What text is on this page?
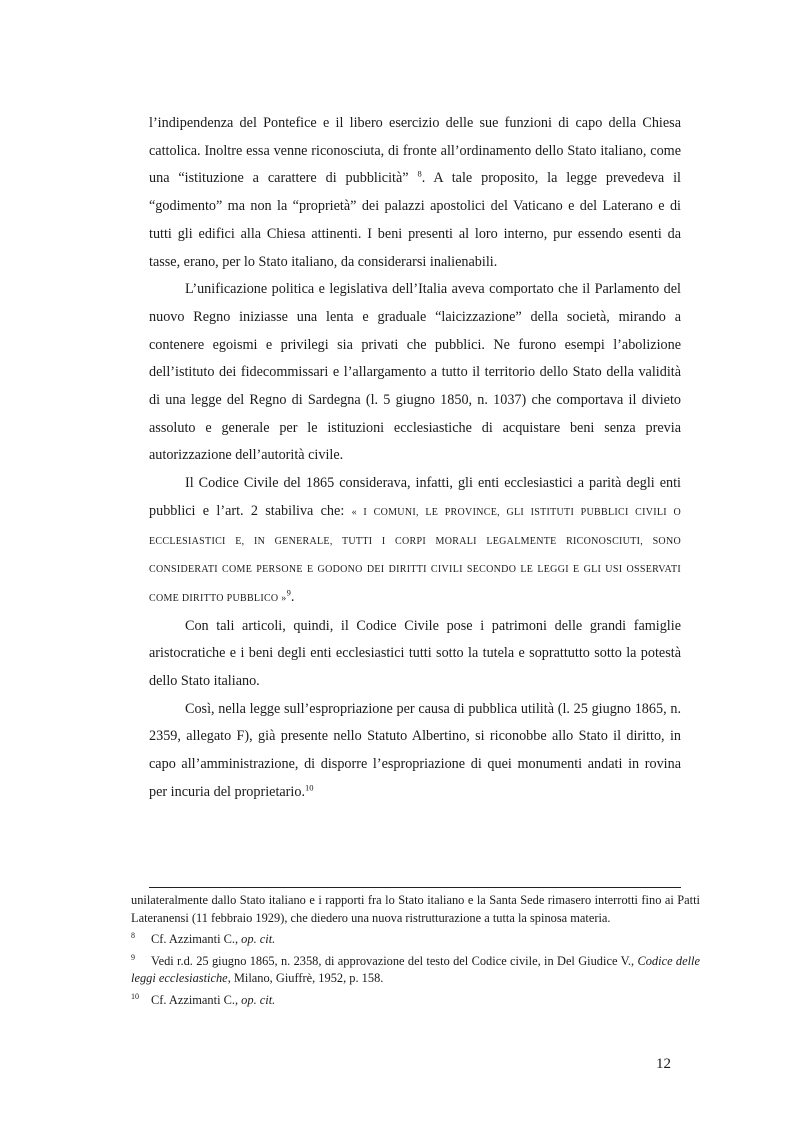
l’indipendenza del Pontefice e il libero esercizio delle sue funzioni di capo della Chiesa cattolica. Inoltre essa venne riconosciuta, di fronte all’ordinamento dello Stato italiano, come una “istituzione a carattere di pubblicità” $^8$. A tale proposito, la legge prevedeva il “godimento” ma non la “proprietà” dei palazzi apostolici del Vaticano e del Laterano e di tutti gli edifici alla Chiesa attinenti. I beni presenti al loro interno, pur essendo esenti da tasse, erano, per lo Stato italiano, da considerarsi inalienabili.

L’unificazione politica e legislativa dell’Italia aveva comportato che il Parlamento del nuovo Regno iniziasse una lenta e graduale “laicizzazione” della società, mirando a contenere egoismi e privilegi sia privati che pubblici. Ne furono esempi l’abolizione dell’istituto dei fidecommissari e l’allargamento a tutto il territorio dello Stato della validità di una legge del Regno di Sardegna (l. 5 giugno 1850, n. 1037) che comportava il divieto assoluto e generale per le istituzioni ecclesiastiche di acquistare beni senza previa autorizzazione dell’autorità civile.

Il Codice Civile del 1865 considerava, infatti, gli enti ecclesiastici a parità degli enti pubblici e l’art. 2 stabiliva che: « I COMUNI, LE PROVINCE, GLI ISTITUTI PUBBLICI CIVILI O ECCLESIASTICI E, IN GENERALE, TUTTI I CORPI MORALI LEGALMENTE RICONOSCIUTI, SONO CONSIDERATI COME PERSONE E GODONO DEI DIRITTI CIVILI SECONDO LE LEGGI E GLI USI OSSERVATI COME DIRITTO PUBBLICO »$^9$.

Con tali articoli, quindi, il Codice Civile pose i patrimoni delle grandi famiglie aristocratiche e i beni degli enti ecclesiastici tutti sotto la tutela e soprattutto sotto la potestà dello Stato italiano.

Così, nella legge sull’espropriazione per causa di pubblica utilità (l. 25 giugno 1865, n. 2359, allegato F), già presente nello Statuto Albertino, si riconobbe allo Stato il diritto, in capo all’amministrazione, di disporre l’espropriazione di quei monumenti andati in rovina per incuria del proprietario.$^{10}$

unilateralmente dallo Stato italiano e i rapporti fra lo Stato italiano e la Santa Sede rimasero interrotti fino ai Patti Lateranensi (11 febbraio 1929), che diedero una nuova ristrutturazione a tutta la spinosa materia.

8 Cf. Azzimanti C., op. cit.

9 Vedi r.d. 25 giugno 1865, n. 2358, di approvazione del testo del Codice civile, in Del Giudice V., Codice delle leggi ecclesiastiche, Milano, Giuffrè, 1952, p. 158.

10 Cf. Azzimanti C., op. cit.

12
